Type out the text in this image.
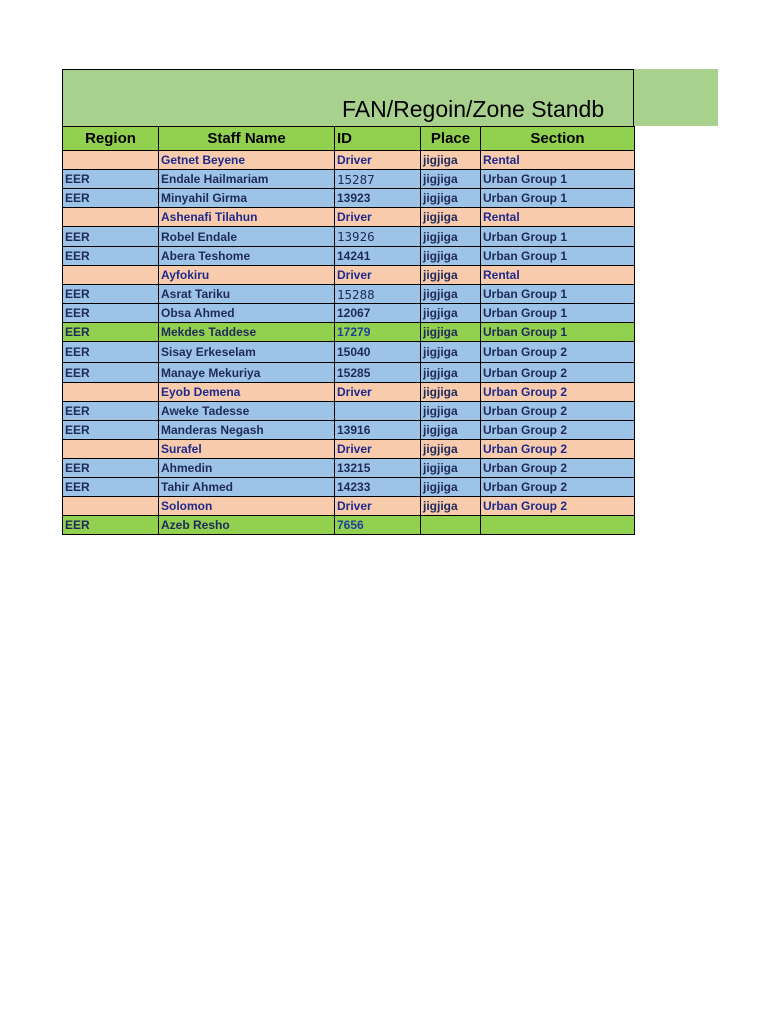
FAN/Regoin/Zone Standb
Region	Staff Name	ID	Place	Section
	Getnet Beyene	Driver	jigjiga	Rental
EER	Endale Hailmariam	15287	jigjiga	Urban Group 1
EER	Minyahil Girma	13923	jigjiga	Urban Group 1
	Ashenafi Tilahun	Driver	jigjiga	Rental
EER	Robel Endale	13926	jigjiga	Urban Group 1
EER	Abera Teshome	14241	jigjiga	Urban Group 1
	Ayfokiru	Driver	jigjiga	Rental
EER	Asrat Tariku	15288	jigjiga	Urban Group 1
EER	Obsa Ahmed	12067	jigjiga	Urban Group 1
EER	Mekdes Taddese	17279	jigjiga	Urban Group 1
EER	Sisay Erkeselam	15040	jigjiga	Urban Group 2
EER	Manaye Mekuriya	15285	jigjiga	Urban Group 2
	Eyob Demena	Driver	jigjiga	Urban Group 2
EER	Aweke Tadesse		jigjiga	Urban Group 2
EER	Manderas Negash	13916	jigjiga	Urban Group 2
	Surafel	Driver	jigjiga	Urban Group 2
EER	Ahmedin	13215	jigjiga	Urban Group 2
EER	Tahir Ahmed	14233	jigjiga	Urban Group 2
	Solomon	Driver	jigjiga	Urban Group 2
EER	Azeb Resho	7656		
